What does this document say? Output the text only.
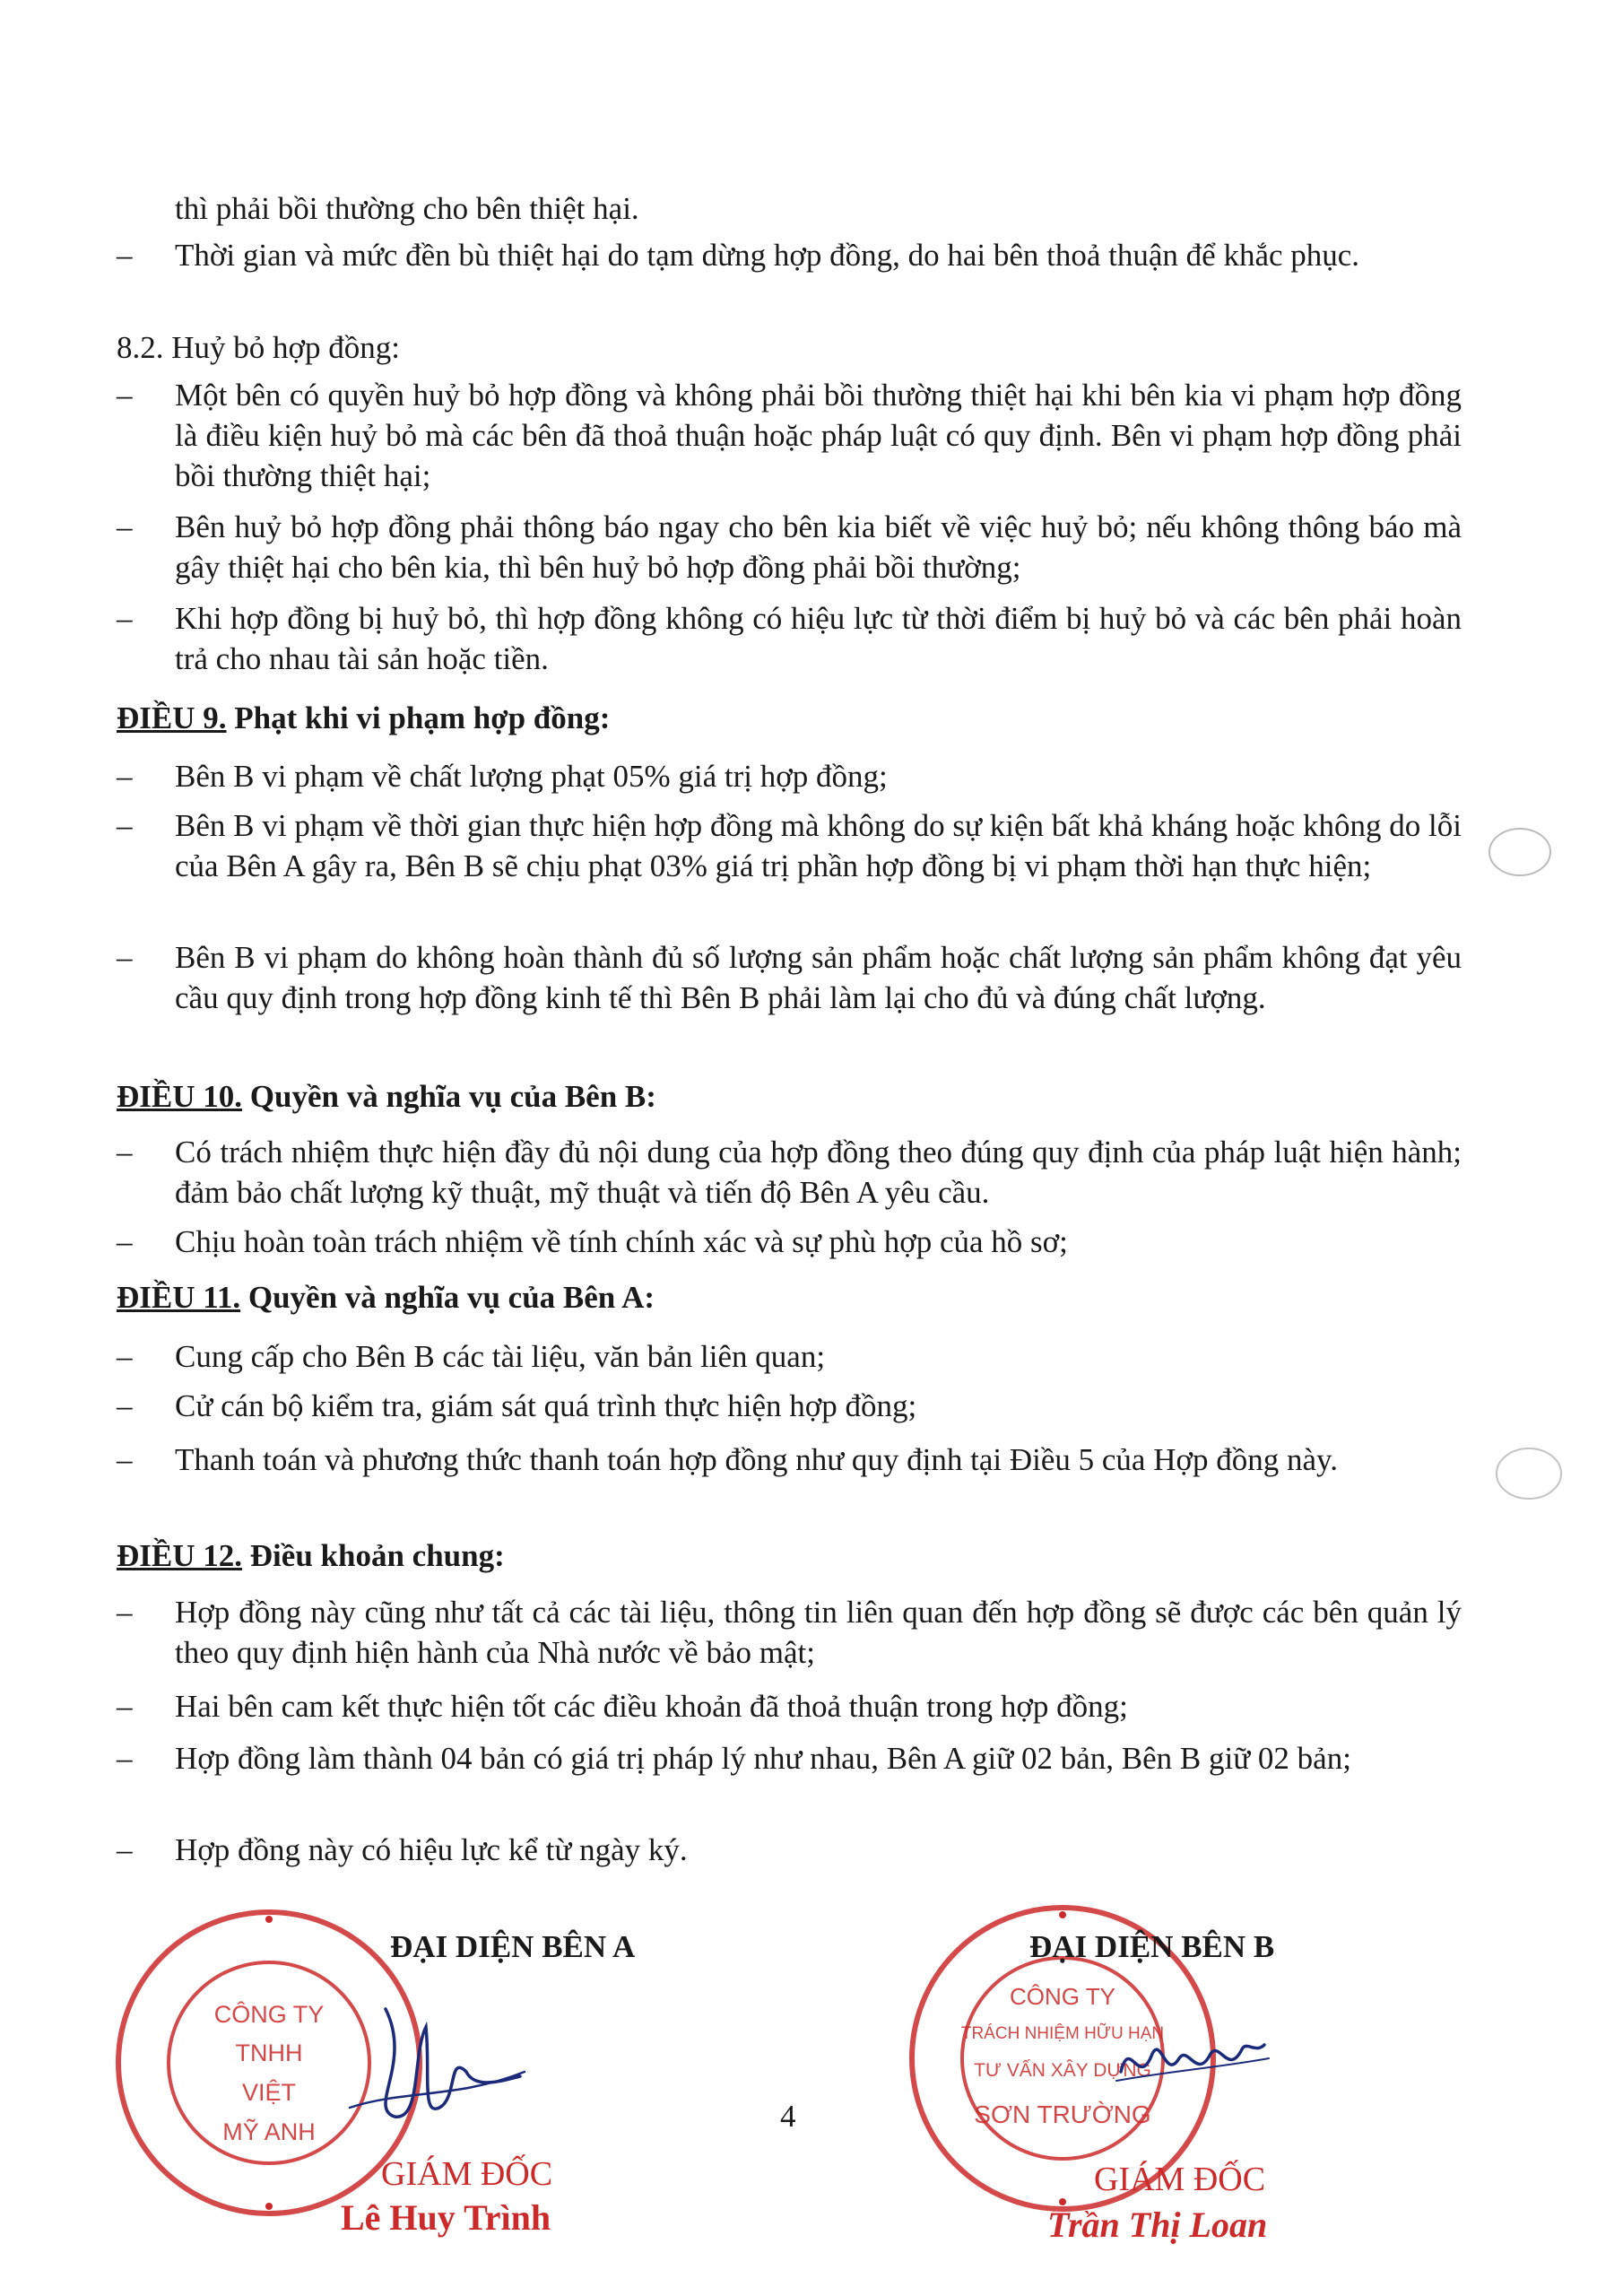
thì phải bồi thường cho bên thiệt hại.
– Thời gian và mức đền bù thiệt hại do tạm dừng hợp đồng, do hai bên thoả thuận để khắc phục.
8.2. Huỷ bỏ hợp đồng:
– Một bên có quyền huỷ bỏ hợp đồng và không phải bồi thường thiệt hại khi bên kia vi phạm hợp đồng là điều kiện huỷ bỏ mà các bên đã thoả thuận hoặc pháp luật có quy định. Bên vi phạm hợp đồng phải bồi thường thiệt hại;
– Bên huỷ bỏ hợp đồng phải thông báo ngay cho bên kia biết về việc huỷ bỏ; nếu không thông báo mà gây thiệt hại cho bên kia, thì bên huỷ bỏ hợp đồng phải bồi thường;
– Khi hợp đồng bị huỷ bỏ, thì hợp đồng không có hiệu lực từ thời điểm bị huỷ bỏ và các bên phải hoàn trả cho nhau tài sản hoặc tiền.
ĐIỀU 9. Phạt khi vi phạm hợp đồng:
– Bên B vi phạm về chất lượng phạt 05% giá trị hợp đồng;
– Bên B vi phạm về thời gian thực hiện hợp đồng mà không do sự kiện bất khả kháng hoặc không do lỗi của Bên A gây ra, Bên B sẽ chịu phạt 03% giá trị phần hợp đồng bị vi phạm thời hạn thực hiện;
– Bên B vi phạm do không hoàn thành đủ số lượng sản phẩm hoặc chất lượng sản phẩm không đạt yêu cầu quy định trong hợp đồng kinh tế thì Bên B phải làm lại cho đủ và đúng chất lượng.
ĐIỀU 10. Quyền và nghĩa vụ của Bên B:
– Có trách nhiệm thực hiện đầy đủ nội dung của hợp đồng theo đúng quy định của pháp luật hiện hành; đảm bảo chất lượng kỹ thuật, mỹ thuật và tiến độ Bên A yêu cầu.
– Chịu hoàn toàn trách nhiệm về tính chính xác và sự phù hợp của hồ sơ;
ĐIỀU 11. Quyền và nghĩa vụ của Bên A:
– Cung cấp cho Bên B các tài liệu, văn bản liên quan;
– Cử cán bộ kiểm tra, giám sát quá trình thực hiện hợp đồng;
– Thanh toán và phương thức thanh toán hợp đồng như quy định tại Điều 5 của Hợp đồng này.
ĐIỀU 12. Điều khoản chung:
– Hợp đồng này cũng như tất cả các tài liệu, thông tin liên quan đến hợp đồng sẽ được các bên quản lý theo quy định hiện hành của Nhà nước về bảo mật;
– Hai bên cam kết thực hiện tốt các điều khoản đã thoả thuận trong hợp đồng;
– Hợp đồng làm thành 04 bản có giá trị pháp lý như nhau, Bên A giữ 02 bản, Bên B giữ 02 bản;
– Hợp đồng này có hiệu lực kể từ ngày ký.
CÔNG TY
TNHH
VIỆT
MỸ ANH
ĐẠI DIỆN BÊN A
GIÁM ĐỐC
Lê Huy Trình
CÔNG TY
TRÁCH NHIỆM HỮU HẠN
TƯ VẤN XÂY DỰNG
SƠN TRƯỜNG
ĐẠI DIỆN BÊN B
GIÁM ĐỐC
Trần Thị Loan
4
